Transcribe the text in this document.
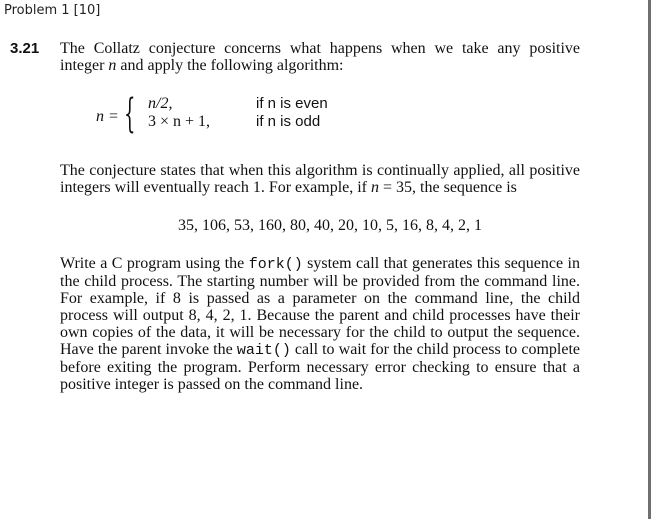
Problem 1 [10]
3.21 The Collatz conjecture concerns what happens when we take any positive integer n and apply the following algorithm:

n = { n/2,	if n is even
3 × n + 1,	if n is odd

The conjecture states that when this algorithm is continually applied, all positive integers will eventually reach 1. For example, if n = 35, the sequence is

35, 106, 53, 160, 80, 40, 20, 10, 5, 16, 8, 4, 2, 1

Write a C program using the fork() system call that generates this sequence in the child process. The starting number will be provided from the command line. For example, if 8 is passed as a parameter on the command line, the child process will output 8, 4, 2, 1. Because the parent and child processes have their own copies of the data, it will be necessary for the child to output the sequence. Have the parent invoke the wait() call to wait for the child process to complete before exiting the program. Perform necessary error checking to ensure that a positive integer is passed on the command line.
